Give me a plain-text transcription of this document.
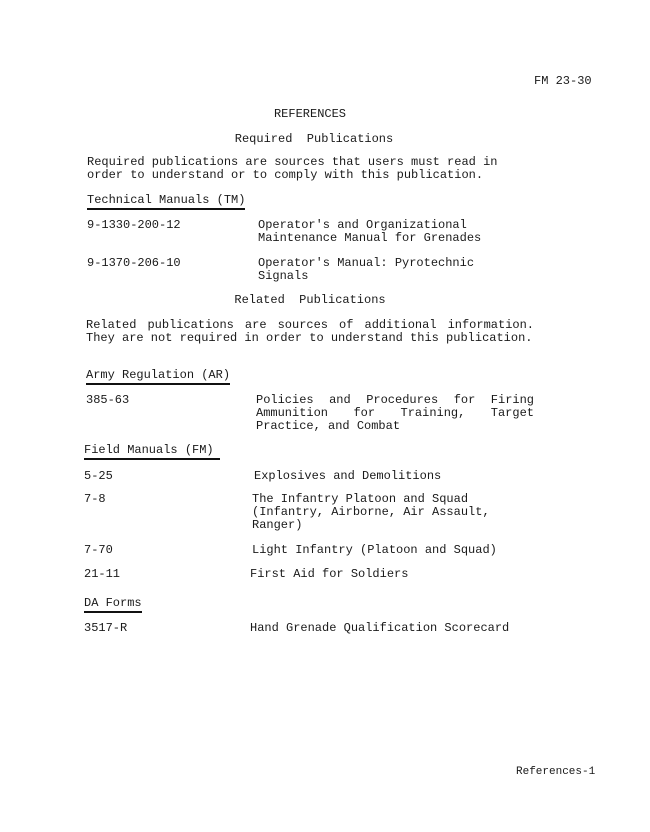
FM 23-30
REFERENCES
Required  Publications
Required publications are sources that users must read in order to understand or to comply with this publication.
Technical Manuals (TM)
9-1330-200-12	Operator's and Organizational Maintenance Manual for Grenades
9-1370-206-10	Operator's Manual: Pyrotechnic Signals
Related  Publications
Related publications are sources of additional information. They are not required in order to understand this publication.
Army Regulation (AR)
385-63	Policies and Procedures for Firing Ammunition for Training, Target Practice, and Combat
Field Manuals (FM)
5-25	Explosives and Demolitions
7-8	The Infantry Platoon and Squad (Infantry, Airborne, Air Assault, Ranger)
7-70	Light Infantry (Platoon and Squad)
21-11	First Aid for Soldiers
DA Forms
3517-R	Hand Grenade Qualification Scorecard
References-1
